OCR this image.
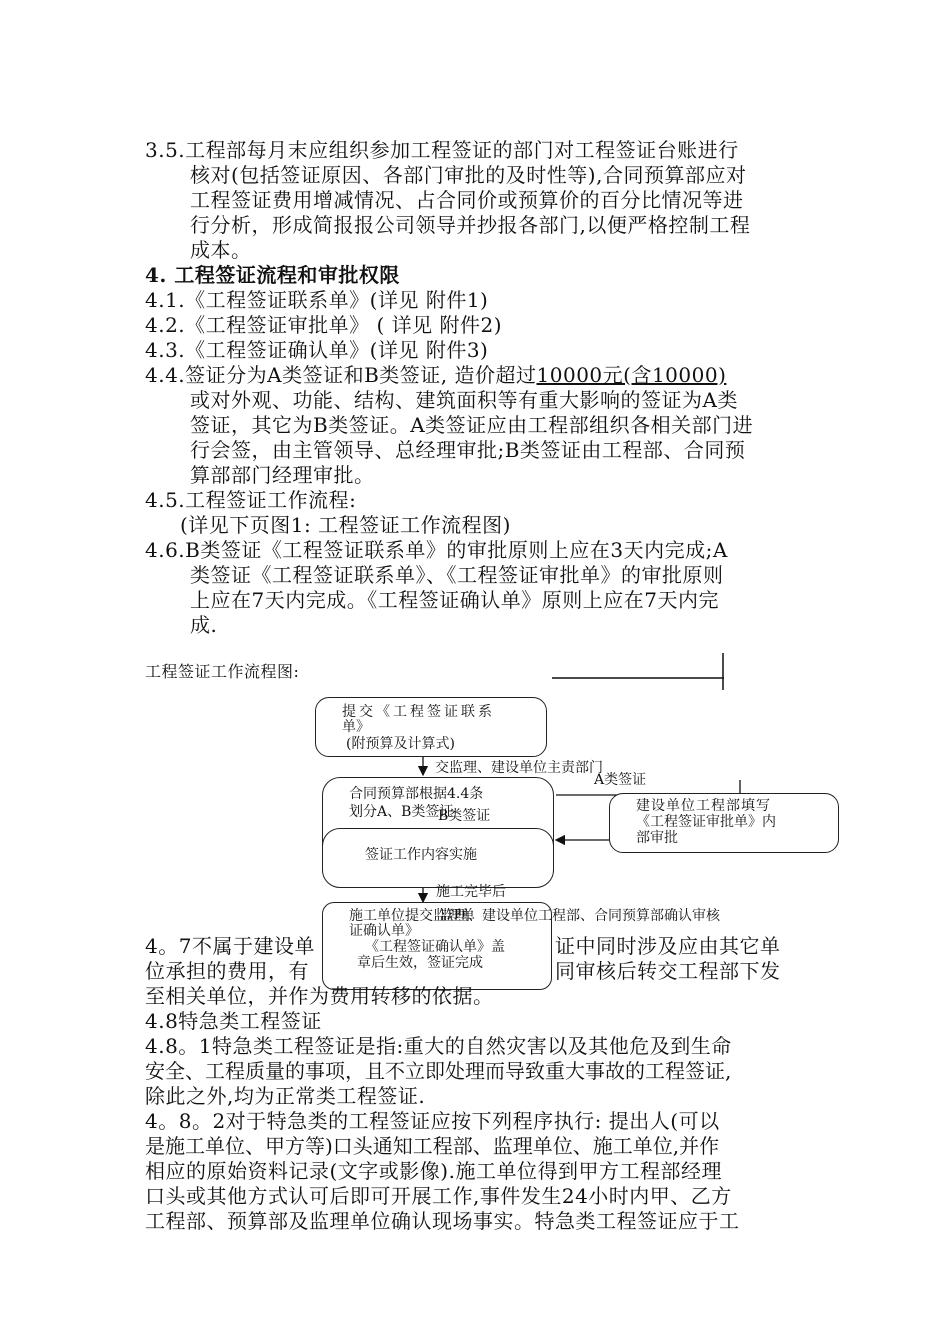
3.5.工程部每月末应组织参加工程签证的部门对工程签证台账进行
核对(包括签证原因、各部门审批的及时性等),合同预算部应对
工程签证费用增减情况、占合同价或预算价的百分比情况等进
行分析，形成简报报公司领导并抄报各部门,以便严格控制工程
成本。
4. 工程签证流程和审批权限
4.1.《工程签证联系单》(详见 附件1)
4.2.《工程签证审批单》 ( 详见 附件2)
4.3.《工程签证确认单》(详见 附件3)
4.4.签证分为A类签证和B类签证, 造价超过10000元(含10000)
或对外观、功能、结构、建筑面积等有重大影响的签证为A类
签证，其它为B类签证。A类签证应由工程部组织各相关部门进
行会签，由主管领导、总经理审批;B类签证由工程部、合同预
算部部门经理审批。
4.5.工程签证工作流程:
(详见下页图1: 工程签证工作流程图)
4.6.B类签证《工程签证联系单》的审批原则上应在3天内完成;A
类签证《工程签证联系单》、《工程签证审批单》的审批原则
上应在7天内完成。《工程签证确认单》原则上应在7天内完
成.
工程签证工作流程图:
提交《工程签证联系
单》
(附预算及计算式)
交监理、建设单位主责部门
A类签证
合同预算部根据4.4条
划分A、B类签证
B类签证
签证工作内容实施
建设单位工程部填写
《工程签证审批单》内
部审批
施工完毕后
施工单位提交监理单
证确认单》
《工程签证确认单》盖
章后生效，签证完成
监理、建设单位工程部、合同预算部确认审核
4。7不属于建设单	证中同时涉及应由其它单
位承担的费用，有	同审核后转交工程部下发
至相关单位，并作为费用转移的依据。
4.8特急类工程签证
4.8。1特急类工程签证是指:重大的自然灾害以及其他危及到生命
安全、工程质量的事项，且不立即处理而导致重大事故的工程签证,
除此之外,均为正常类工程签证.
4。8。2对于特急类的工程签证应按下列程序执行: 提出人(可以
是施工单位、甲方等)口头通知工程部、监理单位、施工单位,并作
相应的原始资料记录(文字或影像).施工单位得到甲方工程部经理
口头或其他方式认可后即可开展工作,事件发生24小时内甲、乙方
工程部、预算部及监理单位确认现场事实。特急类工程签证应于工
